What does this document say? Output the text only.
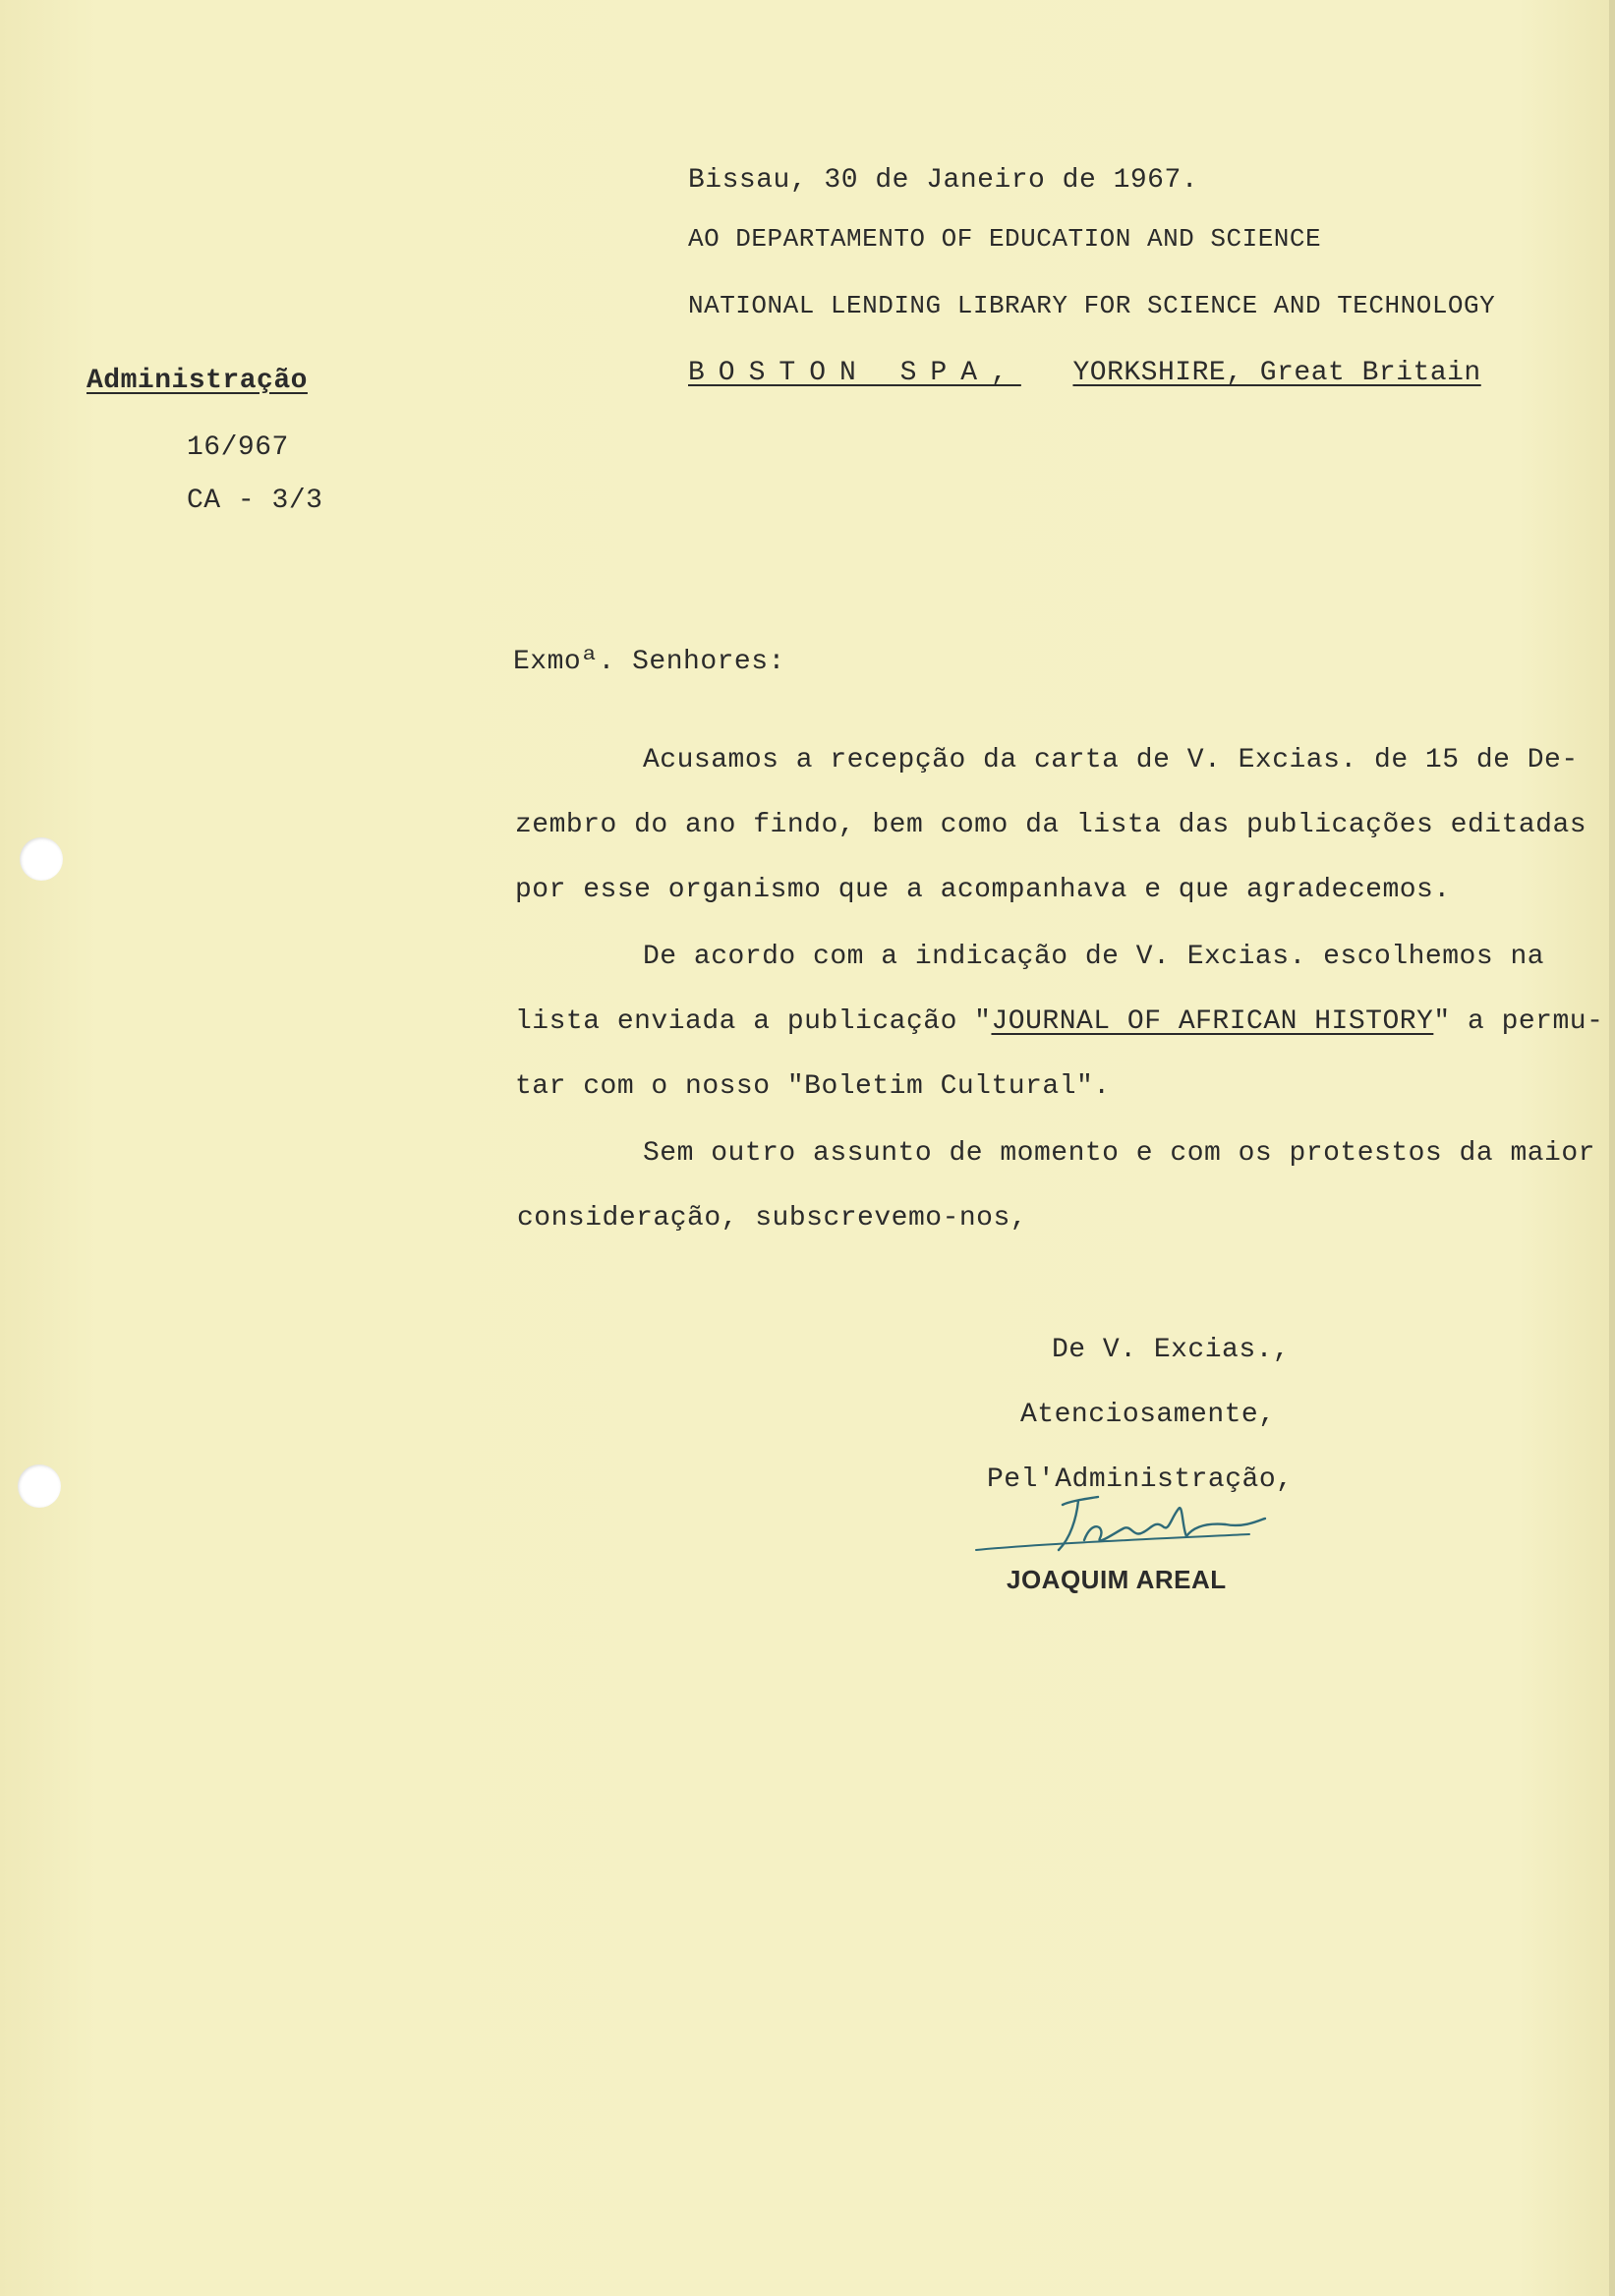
Bissau, 30 de Janeiro de 1967.
AO DEPARTAMENTO OF EDUCATION AND SCIENCE
NATIONAL LENDING LIBRARY FOR SCIENCE AND TECHNOLOGY
BOSTON SPA, YORKSHIRE, Great Britain
Administração
16/967
CA - 3/3
Exmoª. Senhores:
Acusamos a recepção da carta de V. Excias. de 15 de De-
zembro do ano findo, bem como da lista das publicações editadas
por esse organismo que a acompanhava e que agradecemos.
De acordo com a indicação de V. Excias. escolhemos na
lista enviada a publicação "JOURNAL OF AFRICAN HISTORY" a permu-
tar com o nosso "Boletim Cultural".
Sem outro assunto de momento e com os protestos da maior
consideração, subscrevemo-nos,
De V. Excias.,
Atenciosamente,
Pel'Administração,
JOAQUIM AREAL
